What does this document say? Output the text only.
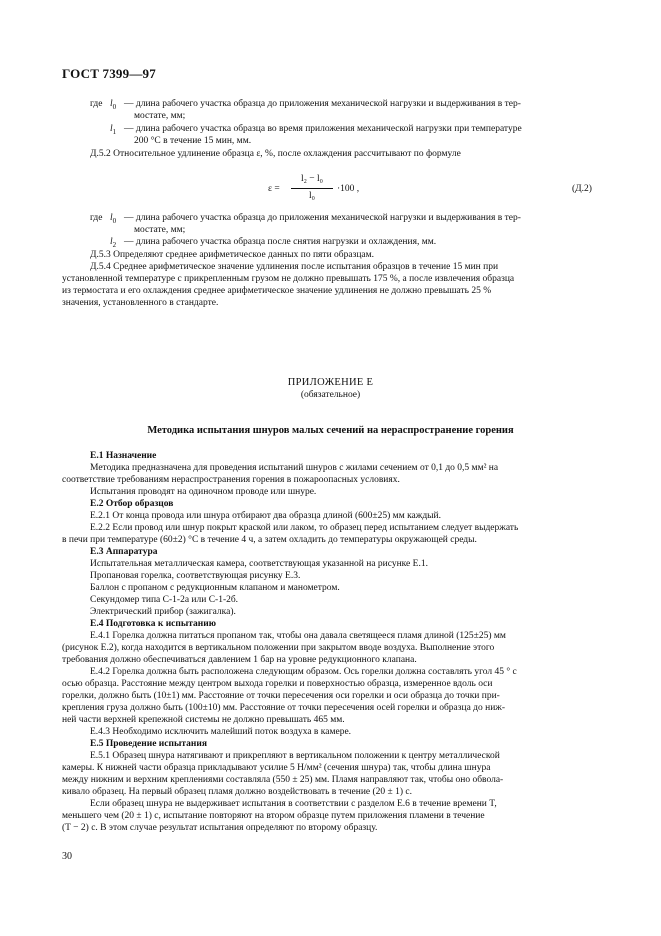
ГОСТ 7399—97
где $l_0$ — длина рабочего участка образца до приложения механической нагрузки и выдерживания в тер-
мостате, мм;
$l_1$ — длина рабочего участка образца во время приложения механической нагрузки при температуре
200 °С в течение 15 мин, мм.
Д.5.2 Относительное удлинение образца ε, %, после охлаждения рассчитывают по формуле
ε =
l₂ − l₀
l₀
·100 ,	(Д.2)
где $l_0$ — длина рабочего участка образца до приложения механической нагрузки и выдерживания в тер-
мостате, мм;
$l_2$ — длина рабочего участка образца после снятия нагрузки и охлаждения, мм.
Д.5.3 Определяют среднее арифметическое данных по пяти образцам.
Д.5.4 Среднее арифметическое значение удлинения после испытания образцов в течение 15 мин при
установленной температуре с прикрепленным грузом не должно превышать 175 %, а после извлечения образца
из термостата и его охлаждения среднее арифметическое значение удлинения не должно превышать 25 %
значения, установленного в стандарте.
ПРИЛОЖЕНИЕ Е
(обязательное)
Методика испытания шнуров малых сечений на нераспространение горения
Е.1 Назначение
Методика предназначена для проведения испытаний шнуров с жилами сечением от 0,1 до 0,5 мм² на
соответствие требованиям нераспространения горения в пожароопасных условиях.
Испытания проводят на одиночном проводе или шнуре.
Е.2 Отбор образцов
Е.2.1 От конца провода или шнура отбирают два образца длиной (600±25) мм каждый.
Е.2.2 Если провод или шнур покрыт краской или лаком, то образец перед испытанием следует выдержать
в печи при температуре (60±2) °С в течение 4 ч, а затем охладить до температуры окружающей среды.
Е.3 Аппаратура
Испытательная металлическая камера, соответствующая указанной на рисунке Е.1.
Пропановая горелка, соответствующая рисунку Е.3.
Баллон с пропаном с редукционным клапаном и манометром.
Секундомер типа С-1-2а или С-1-2б.
Электрический прибор (зажигалка).
Е.4 Подготовка к испытанию
Е.4.1 Горелка должна питаться пропаном так, чтобы она давала светящееся пламя длиной (125±25) мм
(рисунок Е.2), когда находится в вертикальном положении при закрытом вводе воздуха. Выполнение этого
требования должно обеспечиваться давлением 1 бар на уровне редукционного клапана.
Е.4.2 Горелка должна быть расположена следующим образом. Ось горелки должна составлять угол 45 ° с
осью образца. Расстояние между центром выхода горелки и поверхностью образца, измеренное вдоль оси
горелки, должно быть (10±1) мм. Расстояние от точки пересечения оси горелки и оси образца до точки при-
крепления груза должно быть (100±10) мм. Расстояние от точки пересечения осей горелки и образца до ниж-
ней части верхней крепежной системы не должно превышать 465 мм.
Е.4.3 Необходимо исключить малейший поток воздуха в камере.
Е.5 Проведение испытания
Е.5.1 Образец шнура натягивают и прикрепляют в вертикальном положении к центру металлической
камеры. К нижней части образца прикладывают усилие 5 Н/мм² (сечения шнура) так, чтобы длина шнура
между нижним и верхним креплениями составляла (550 ± 25) мм. Пламя направляют так, чтобы оно обвола-
кивало образец. На первый образец пламя должно воздействовать в течение (20 ± 1) с.
Если образец шнура не выдерживает испытания в соответствии с разделом Е.6 в течение времени T,
меньшего чем (20 ± 1) с, испытание повторяют на втором образце путем приложения пламени в течение
(T − 2) с. В этом случае результат испытания определяют по второму образцу.
30
